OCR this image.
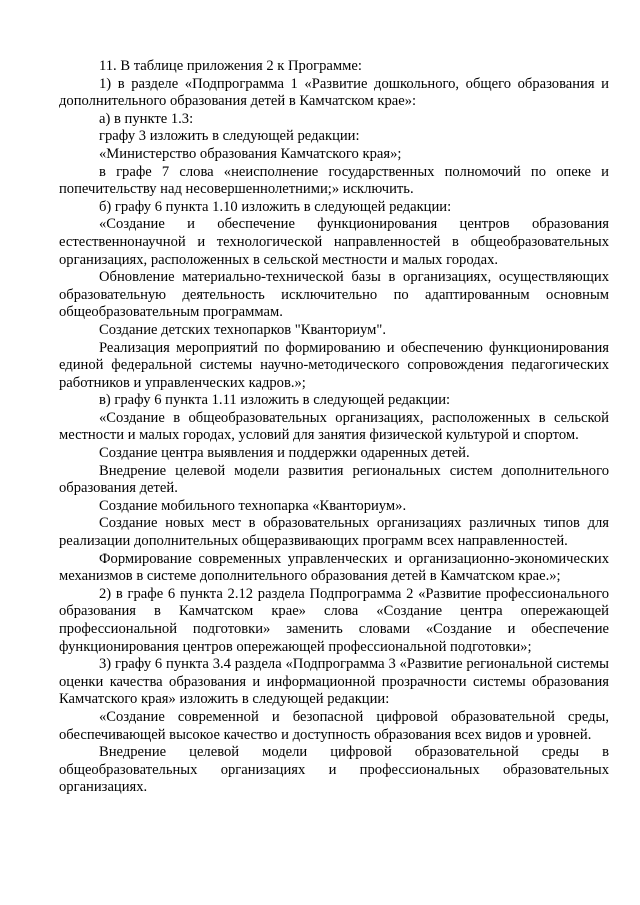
11. В таблице приложения 2 к Программе:

1) в разделе «Подпрограмма 1 «Развитие дошкольного, общего образования и дополнительного образования детей в Камчатском крае»:

а) в пункте 1.3:

графу 3 изложить в следующей редакции:

«Министерство образования Камчатского края»;

в графе 7 слова «неисполнение государственных полномочий по опеке и попечительству над несовершеннолетними;» исключить.

б) графу 6 пункта 1.10 изложить в следующей редакции:

«Создание и обеспечение функционирования центров образования естественнонаучной и технологической направленностей в общеобразовательных организациях, расположенных в сельской местности и малых городах.

Обновление материально-технической базы в организациях, осуществляющих образовательную деятельность исключительно по адаптированным основным общеобразовательным программам.

Создание детских технопарков "Кванториум".

Реализация мероприятий по формированию и обеспечению функционирования единой федеральной системы научно-методического сопровождения педагогических работников и управленческих кадров.»;

в) графу 6 пункта 1.11 изложить в следующей редакции:

«Создание в общеобразовательных организациях, расположенных в сельской местности и малых городах, условий для занятия физической культурой и спортом.

Создание центра выявления и поддержки одаренных детей.

Внедрение целевой модели развития региональных систем дополнительного образования детей.

Создание мобильного технопарка «Кванториум».

Создание новых мест в образовательных организациях различных типов для реализации дополнительных общеразвивающих программ всех направленностей.

Формирование современных управленческих и организационно-экономических механизмов в системе дополнительного образования детей в Камчатском крае.»;

2) в графе 6 пункта 2.12 раздела Подпрограмма 2 «Развитие профессионального образования в Камчатском крае» слова «Создание центра опережающей профессиональной подготовки» заменить словами «Создание и обеспечение функционирования центров опережающей профессиональной подготовки»;

3) графу 6 пункта 3.4 раздела «Подпрограмма 3 «Развитие региональной системы оценки качества образования и информационной прозрачности системы образования Камчатского края» изложить в следующей редакции:

«Создание современной и безопасной цифровой образовательной среды, обеспечивающей высокое качество и доступность образования всех видов и уровней.

Внедрение целевой модели цифровой образовательной среды в общеобразовательных организациях и профессиональных образовательных организациях.
